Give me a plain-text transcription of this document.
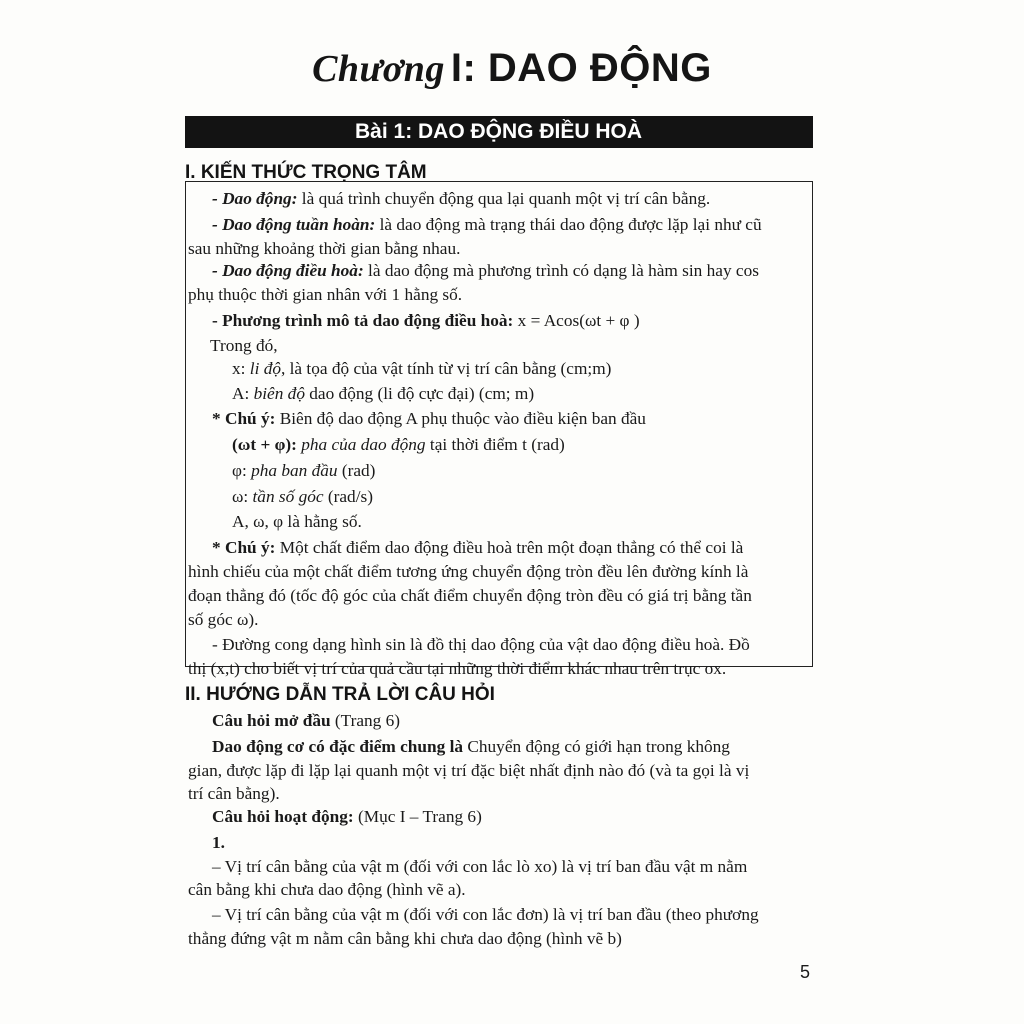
Chương I: DAO ĐỘNG
Bài 1: DAO ĐỘNG ĐIỀU HOÀ
I. KIẾN THỨC TRỌNG TÂM
- Dao động: là quá trình chuyển động qua lại quanh một vị trí cân bằng.
- Dao động tuần hoàn: là dao động mà trạng thái dao động được lặp lại như cũ
sau những khoảng thời gian bằng nhau.
- Dao động điều hoà: là dao động mà phương trình có dạng là hàm sin hay cos
phụ thuộc thời gian nhân với 1 hằng số.
- Phương trình mô tả dao động điều hoà: x = Acos(ωt + φ )
Trong đó,
x: li độ, là tọa độ của vật tính từ vị trí cân bằng (cm;m)
A: biên độ dao động (li độ cực đại) (cm; m)
* Chú ý: Biên độ dao động A phụ thuộc vào điều kiện ban đầu
(ωt + φ): pha của dao động tại thời điểm t (rad)
φ: pha ban đầu (rad)
ω: tần số góc (rad/s)
A, ω, φ là hằng số.
* Chú ý: Một chất điểm dao động điều hoà trên một đoạn thẳng có thể coi là
hình chiếu của một chất điểm tương ứng chuyển động tròn đều lên đường kính là
đoạn thẳng đó (tốc độ góc của chất điểm chuyển động tròn đều có giá trị bằng tần
số góc ω).
- Đường cong dạng hình sin là đồ thị dao động của vật dao động điều hoà. Đồ
thị (x,t) cho biết vị trí của quả cầu tại những thời điểm khác nhau trên trục ox.
II. HƯỚNG DẪN TRẢ LỜI CÂU HỎI
Câu hỏi mở đầu (Trang 6)
Dao động cơ có đặc điểm chung là Chuyển động có giới hạn trong không
gian, được lặp đi lặp lại quanh một vị trí đặc biệt nhất định nào đó (và ta gọi là vị
trí cân bằng).
Câu hỏi hoạt động: (Mục I – Trang 6)
1.
– Vị trí cân bằng của vật m (đối với con lắc lò xo) là vị trí ban đầu vật m nằm
cân bằng khi chưa dao động (hình vẽ a).
– Vị trí cân bằng của vật m (đối với con lắc đơn) là vị trí ban đầu (theo phương
thẳng đứng vật m nằm cân bằng khi chưa dao động (hình vẽ b)
5
